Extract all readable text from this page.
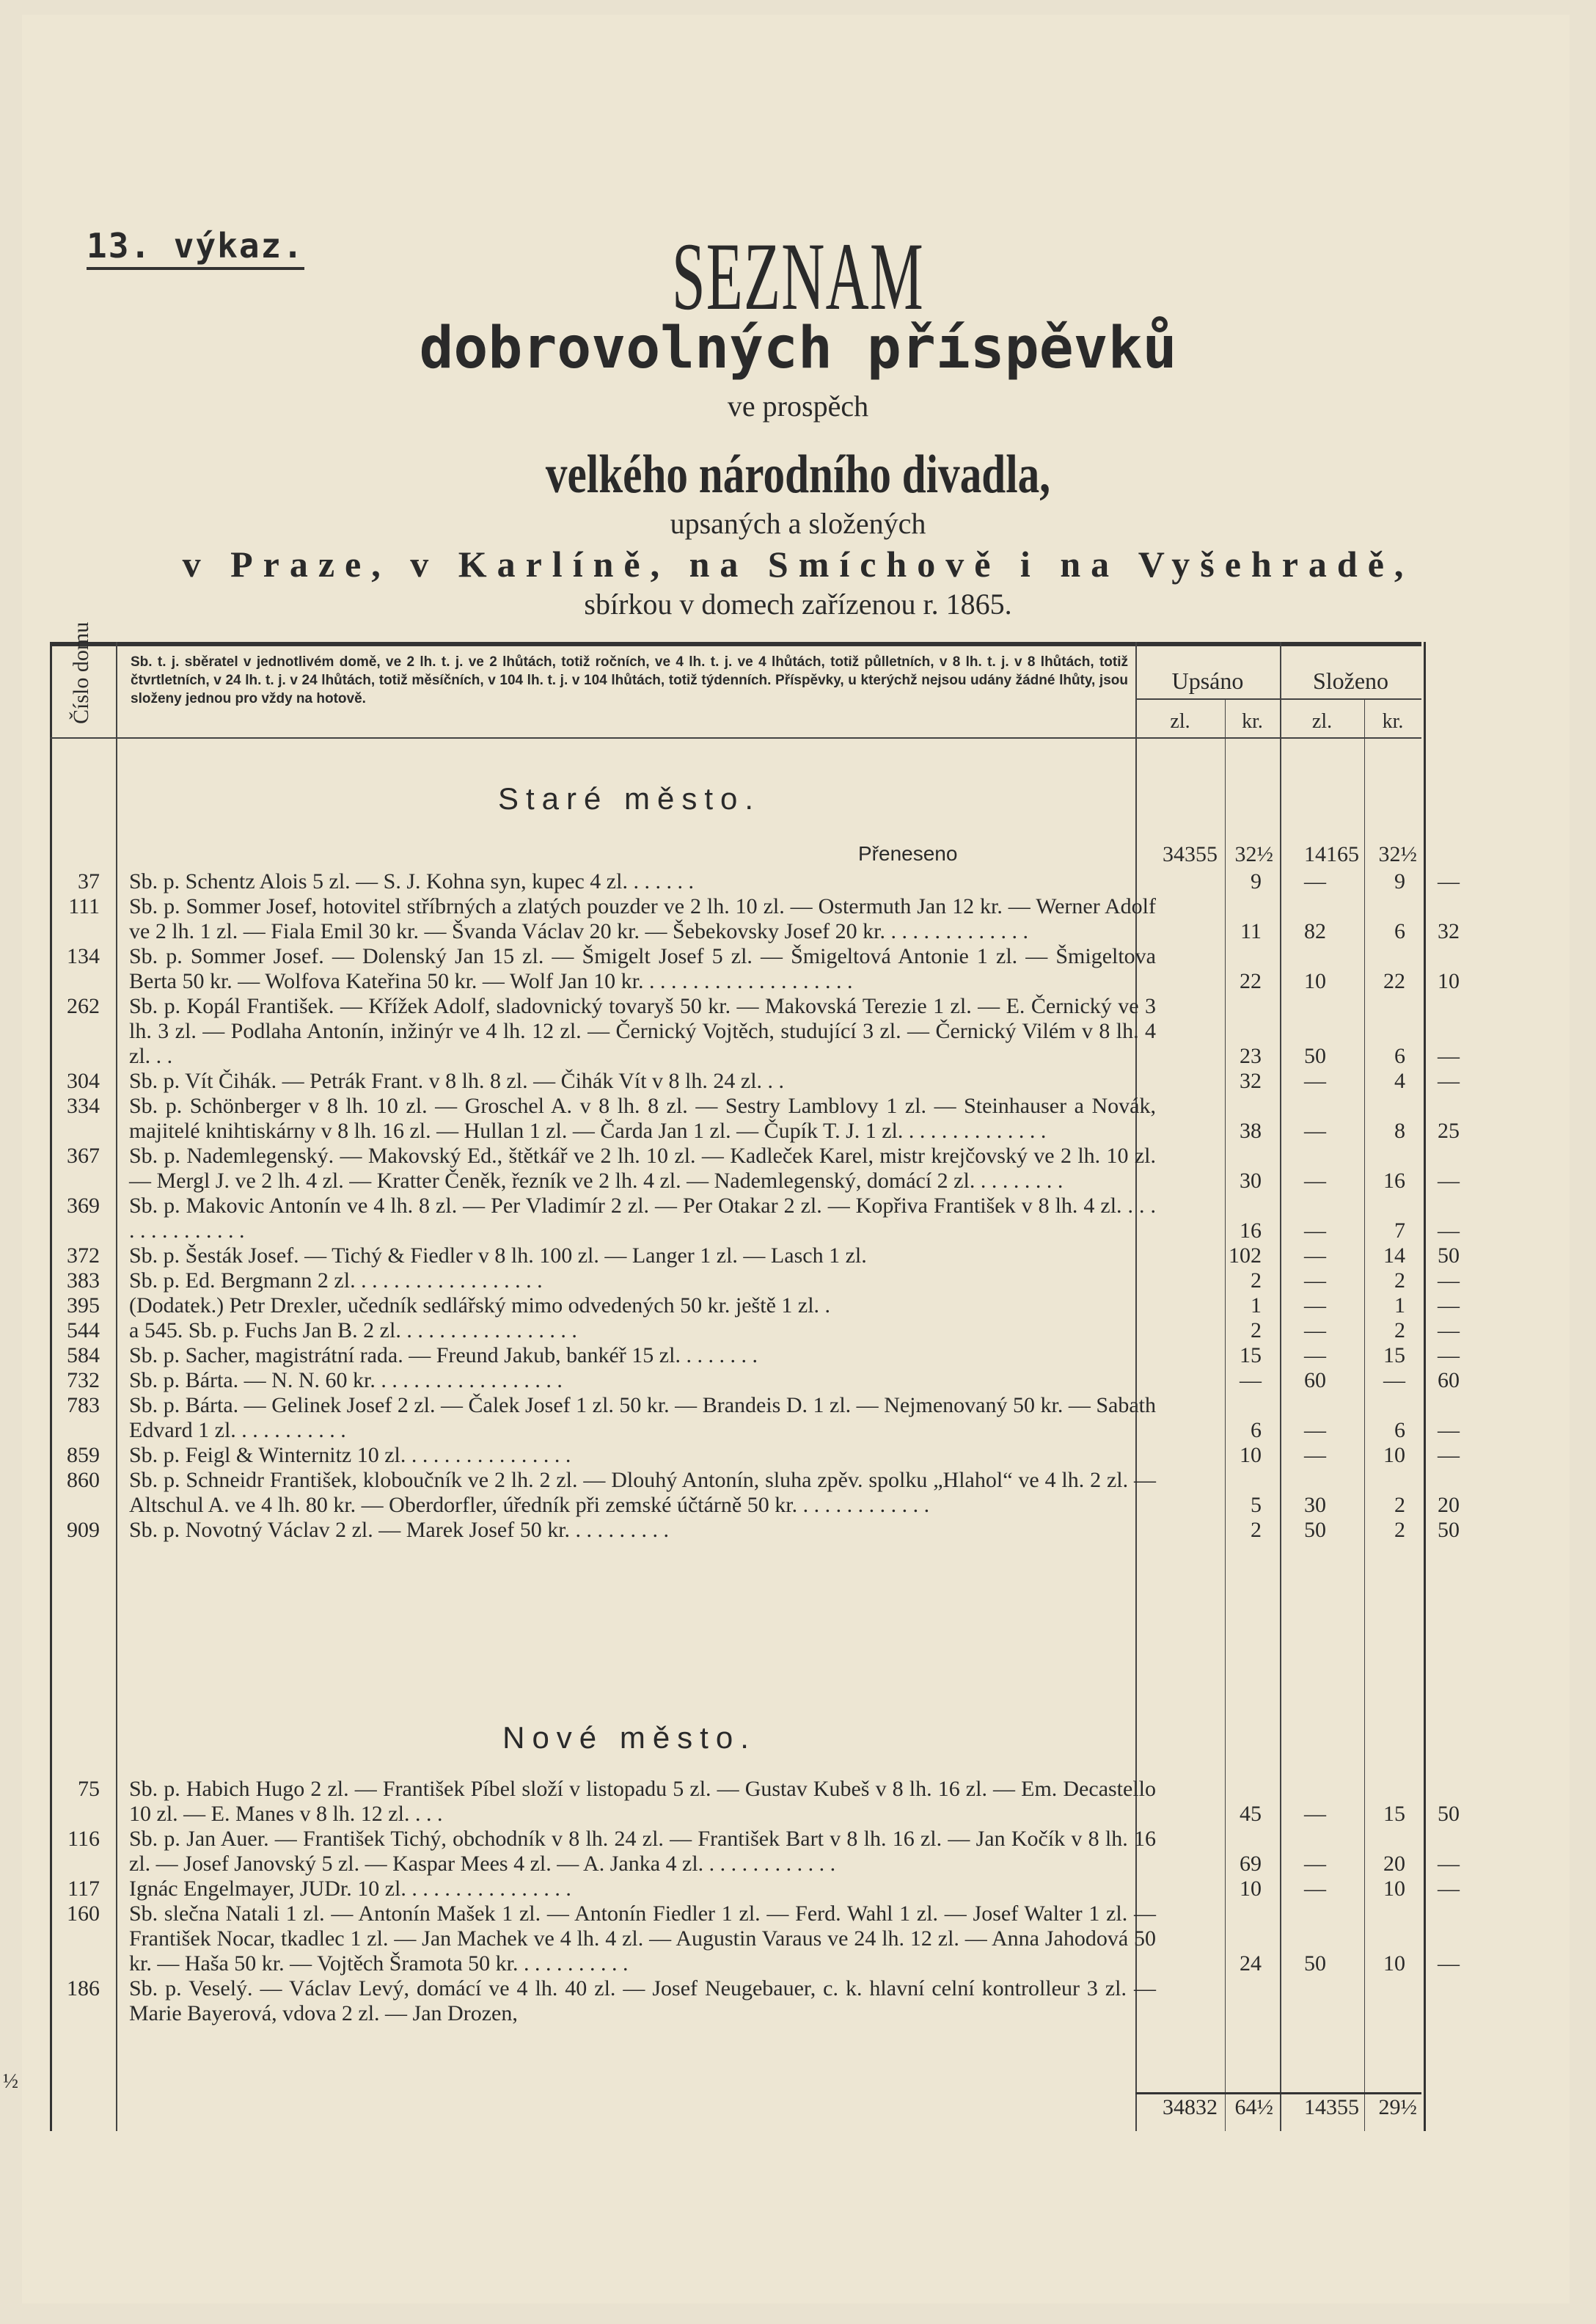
13. výkaz.	SEZNAM
dobrovolných příspěvků
ve prospěch
velkého národního divadla,
upsaných a složených
v Praze, v Karlíně, na Smíchově i na Vyšehradě,
sbírkou v domech zařízenou r. 1865.
Číslo domu	Sb. t. j. sběratel v jednotlivém domě, ve 2 lh. t. j. ve 2 lhůtách, totiž ročních, ve 4 lh. t. j. ve 4 lhůtách, totiž půlletních, v 8 lh. t. j. v 8 lhůtách, totiž čtvrtletních, v 24 lh. t. j. v 24 lhůtách, totiž měsíčních, v 104 lh. t. j. v 104 lhůtách, totiž týdenních. Příspěvky, u kterýchž nejsou udány žádné lhůty, jsou složeny jednou pro vždy na hotově.
Upsáno	Složeno
zl.	kr.	zl.	kr.
Staré město.
Přeneseno	34355 32½	14165 32½
37 Sb. p. Schentz Alois 5 zl. — S. J. Kohna syn, kupec 4 zl. . . . . . .	9	—	9	—
111 Sb. p. Sommer Josef, hotovitel stříbrných a zlatých pouzder ve 2 lh. 10 zl. — Ostermuth Jan 12 kr. — Werner Adolf ve 2 lh. 1 zl. — Fiala Emil 30 kr. — Švanda Václav 20 kr. — Šebekovsky Josef 20 kr. . . . . . . . . . . . . .	11	82	6	32
134 Sb. p. Sommer Josef. — Dolenský Jan 15 zl. — Šmigelt Josef 5 zl. — Šmigeltová Antonie 1 zl. — Šmigeltova Berta 50 kr. — Wolfova Kateřina 50 kr. — Wolf Jan 10 kr. . . . . . . . . . . . . . . . . . . .	22	10	22	10
262 Sb. p. Kopál František. — Křížek Adolf, sladovnický tovaryš 50 kr. — Makovská Terezie 1 zl. — E. Černický ve 3 lh. 3 zl. — Podlaha Antonín, inžinýr ve 4 lh. 12 zl. — Černický Vojtěch, studující 3 zl. — Černický Vilém v 8 lh. 4 zl. . .	23	50	6	—
304 Sb. p. Vít Čihák. — Petrák Frant. v 8 lh. 8 zl. — Čihák Vít v 8 lh. 24 zl. . .	32	—	4	—
334 Sb. p. Schönberger v 8 lh. 10 zl. — Groschel A. v 8 lh. 8 zl. — Sestry Lamblovy 1 zl. — Steinhauser a Novák, majitelé knihtiskárny v 8 lh. 16 zl. — Hullan 1 zl. — Čarda Jan 1 zl. — Čupík T. J. 1 zl. . . . . . . . . . . . . .	38	—	8	25
367 Sb. p. Nademlegenský. — Makovský Ed., štětkář ve 2 lh. 10 zl. — Kadleček Karel, mistr krejčovský ve 2 lh. 10 zl. — Mergl J. ve 2 lh. 4 zl. — Kratter Čeněk, řezník ve 2 lh. 4 zl. — Nademlegenský, domácí 2 zl. . . . . . . . .	30	—	16	—
369 Sb. p. Makovic Antonín ve 4 lh. 8 zl. — Per Vladimír 2 zl. — Per Otakar 2 zl. — Kopřiva František v 8 lh. 4 zl. . . . . . . . . . . . . . .	16	—	7	—
372 Sb. p. Šesták Josef. — Tichý & Fiedler v 8 lh. 100 zl. — Langer 1 zl. — Lasch 1 zl.	102	—	14	50
383 Sb. p. Ed. Bergmann 2 zl. . . . . . . . . . . . . . . . . .	2	—	2	—
395 (Dodatek.) Petr Drexler, učedník sedlářský mimo odvedených 50 kr. ještě 1 zl. .	1	—	1	—
544 a 545. Sb. p. Fuchs Jan B. 2 zl. . . . . . . . . . . . . . . . .	2	—	2	—
584 Sb. p. Sacher, magistrátní rada. — Freund Jakub, bankéř 15 zl. . . . . . . .	15	—	15	—
732 Sb. p. Bárta. — N. N. 60 kr. . . . . . . . . . . . . . . . . .	—	60	—	60
783 Sb. p. Bárta. — Gelinek Josef 2 zl. — Čalek Josef 1 zl. 50 kr. — Brandeis D. 1 zl. — Nejmenovaný 50 kr. — Sabath Edvard 1 zl. . . . . . . . . . .	6	—	6	—
859 Sb. p. Feigl & Winternitz 10 zl. . . . . . . . . . . . . . . .	10	—	10	—
860 Sb. p. Schneidr František, kloboučník ve 2 lh. 2 zl. — Dlouhý Antonín, sluha zpěv. spolku „Hlahol“ ve 4 lh. 2 zl. — Altschul A. ve 4 lh. 80 kr. — Oberdorfler, úředník při zemské účtárně 50 kr. . . . . . . . . . . . .	5	30	2	20
909 Sb. p. Novotný Václav 2 zl. — Marek Josef 50 kr. . . . . . . . . .	2	50	2	50
Nové město.
75 Sb. p. Habich Hugo 2 zl. — František Píbel složí v listopadu 5 zl. — Gustav Kubeš v 8 lh. 16 zl. — Em. Decastello 10 zl. — E. Manes v 8 lh. 12 zl. . . .	45	—	15	50
116 Sb. p. Jan Auer. — František Tichý, obchodník v 8 lh. 24 zl. — František Bart v 8 lh. 16 zl. — Jan Kočík v 8 lh. 16 zl. — Josef Janovský 5 zl. — Kaspar Mees 4 zl. — A. Janka 4 zl. . . . . . . . . . . . .	69	—	20	—
117 Ignác Engelmayer, JUDr. 10 zl. . . . . . . . . . . . . . . .	10	—	10	—
160 Sb. slečna Natali 1 zl. — Antonín Mašek 1 zl. — Antonín Fiedler 1 zl. — Ferd. Wahl 1 zl. — Josef Walter 1 zl. — František Nocar, tkadlec 1 zl. — Jan Machek ve 4 lh. 4 zl. — Augustin Varaus ve 24 lh. 12 zl. — Anna Jahodová 50 kr. — Haša 50 kr. — Vojtěch Šramota 50 kr. . . . . . . . . . .	24	50	10	—
186 Sb. p. Veselý. — Václav Levý, domácí ve 4 lh. 40 zl. — Josef Neugebauer, c. k. hlavní celní kontrolleur 3 zl. — Marie Bayerová, vdova 2 zl. — Jan Drozen,
34832 64½	14355 29½
½
